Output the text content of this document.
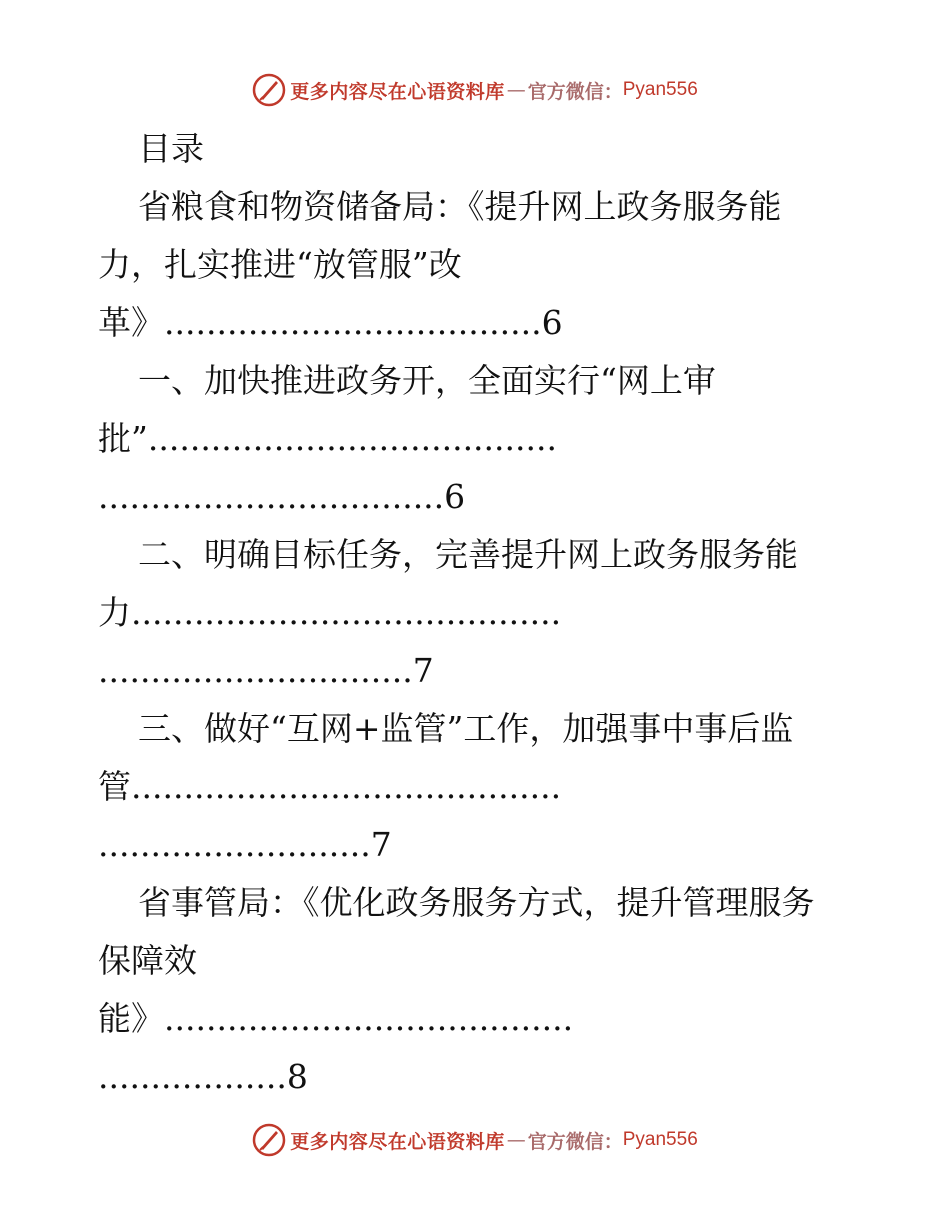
更多内容尽在心语资料库 — 官方微信： Pyan556
目录
省粮食和物资储备局：《提升网上政务服务能
力，扎实推进“放管服”改
革》....................................6
一、加快推进政务开，全面实行“网上审
批”.......................................
.................................6
二、明确目标任务，完善提升网上政务服务能
力.........................................
..............................7
三、做好“互网+监管”工作，加强事中事后监
管.........................................
..........................7
省事管局：《优化政务服务方式，提升管理服务
保障效
能》.......................................
..................8
更多内容尽在心语资料库 — 官方微信： Pyan556
